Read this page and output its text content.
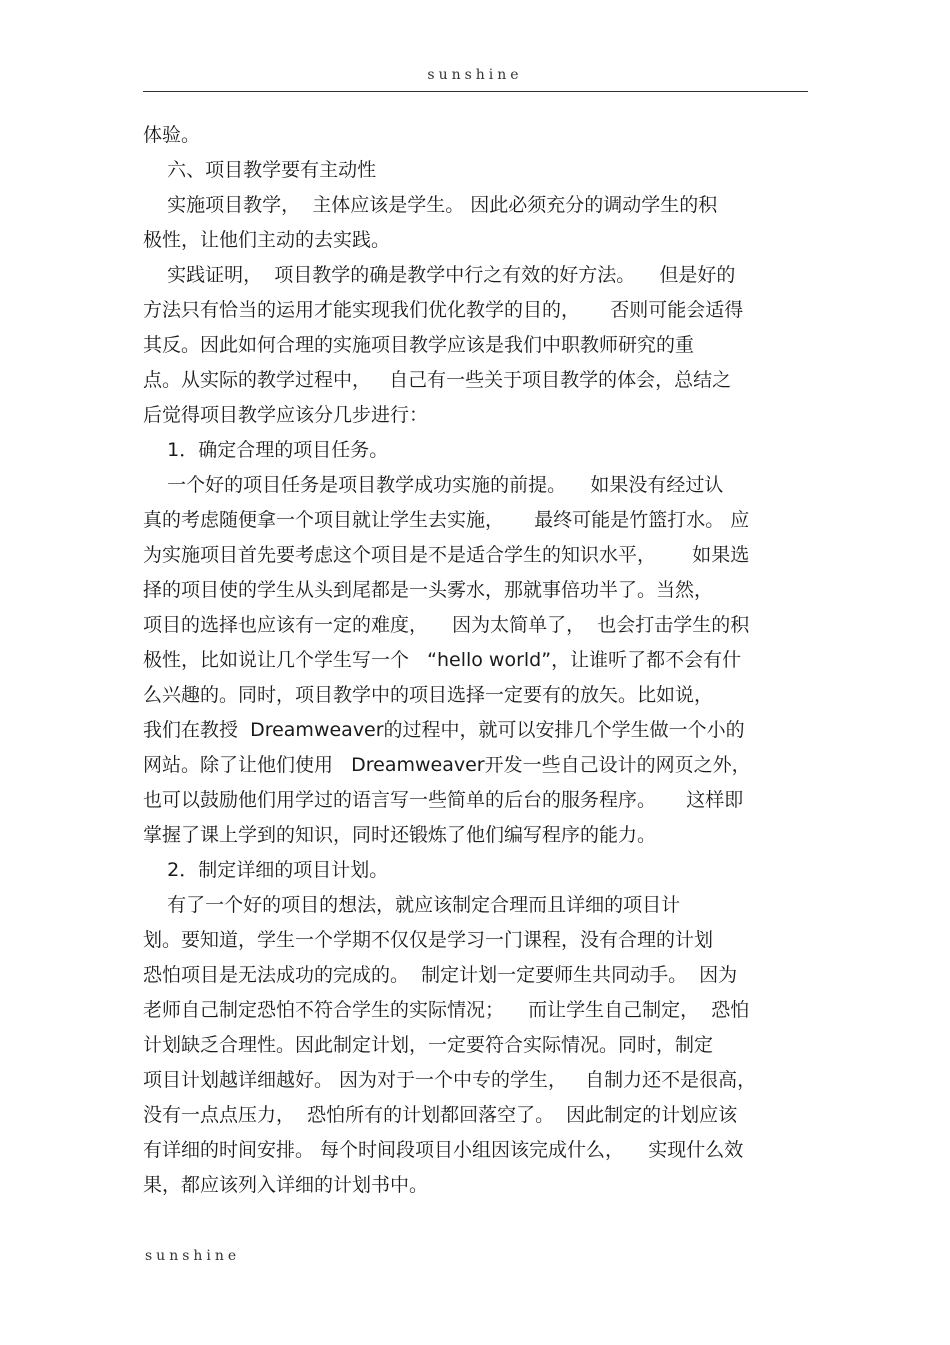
sunshine
体验。
六、项目教学要有主动性
实施项目教学，  主体应该是学生。 因此必须充分的调动学生的积
极性，让他们主动的去实践。
实践证明，  项目教学的确是教学中行之有效的好方法。    但是好的
方法只有恰当的运用才能实现我们优化教学的目的，     否则可能会适得
其反。因此如何合理的实施项目教学应该是我们中职教师研究的重
点。从实际的教学过程中，   自己有一些关于项目教学的体会，总结之
后觉得项目教学应该分几步进行：
1．确定合理的项目任务。
一个好的项目任务是项目教学成功实施的前提。    如果没有经过认
真的考虑随便拿一个项目就让学生去实施，     最终可能是竹篮打水。 应
为实施项目首先要考虑这个项目是不是适合学生的知识水平，      如果选
择的项目使的学生从头到尾都是一头雾水，那就事倍功半了。当然，
项目的选择也应该有一定的难度，    因为太简单了，  也会打击学生的积
极性，比如说让几个学生写一个   “hello world”，让谁听了都不会有什
么兴趣的。同时，项目教学中的项目选择一定要有的放矢。比如说，
我们在教授  Dreamweaver的过程中，就可以安排几个学生做一个小的
网站。除了让他们使用   Dreamweaver开发一些自己设计的网页之外，
也可以鼓励他们用学过的语言写一些简单的后台的服务程序。     这样即
掌握了课上学到的知识，同时还锻炼了他们编写程序的能力。
2．制定详细的项目计划。
有了一个好的项目的想法，就应该制定合理而且详细的项目计
划。要知道，学生一个学期不仅仅是学习一门课程，没有合理的计划
恐怕项目是无法成功的完成的。  制定计划一定要师生共同动手。  因为
老师自己制定恐怕不符合学生的实际情况；    而让学生自己制定，  恐怕
计划缺乏合理性。因此制定计划，一定要符合实际情况。同时，制定
项目计划越详细越好。 因为对于一个中专的学生，   自制力还不是很高，
没有一点点压力，  恐怕所有的计划都回落空了。  因此制定的计划应该
有详细的时间安排。 每个时间段项目小组因该完成什么，    实现什么效
果，都应该列入详细的计划书中。
sunshine
